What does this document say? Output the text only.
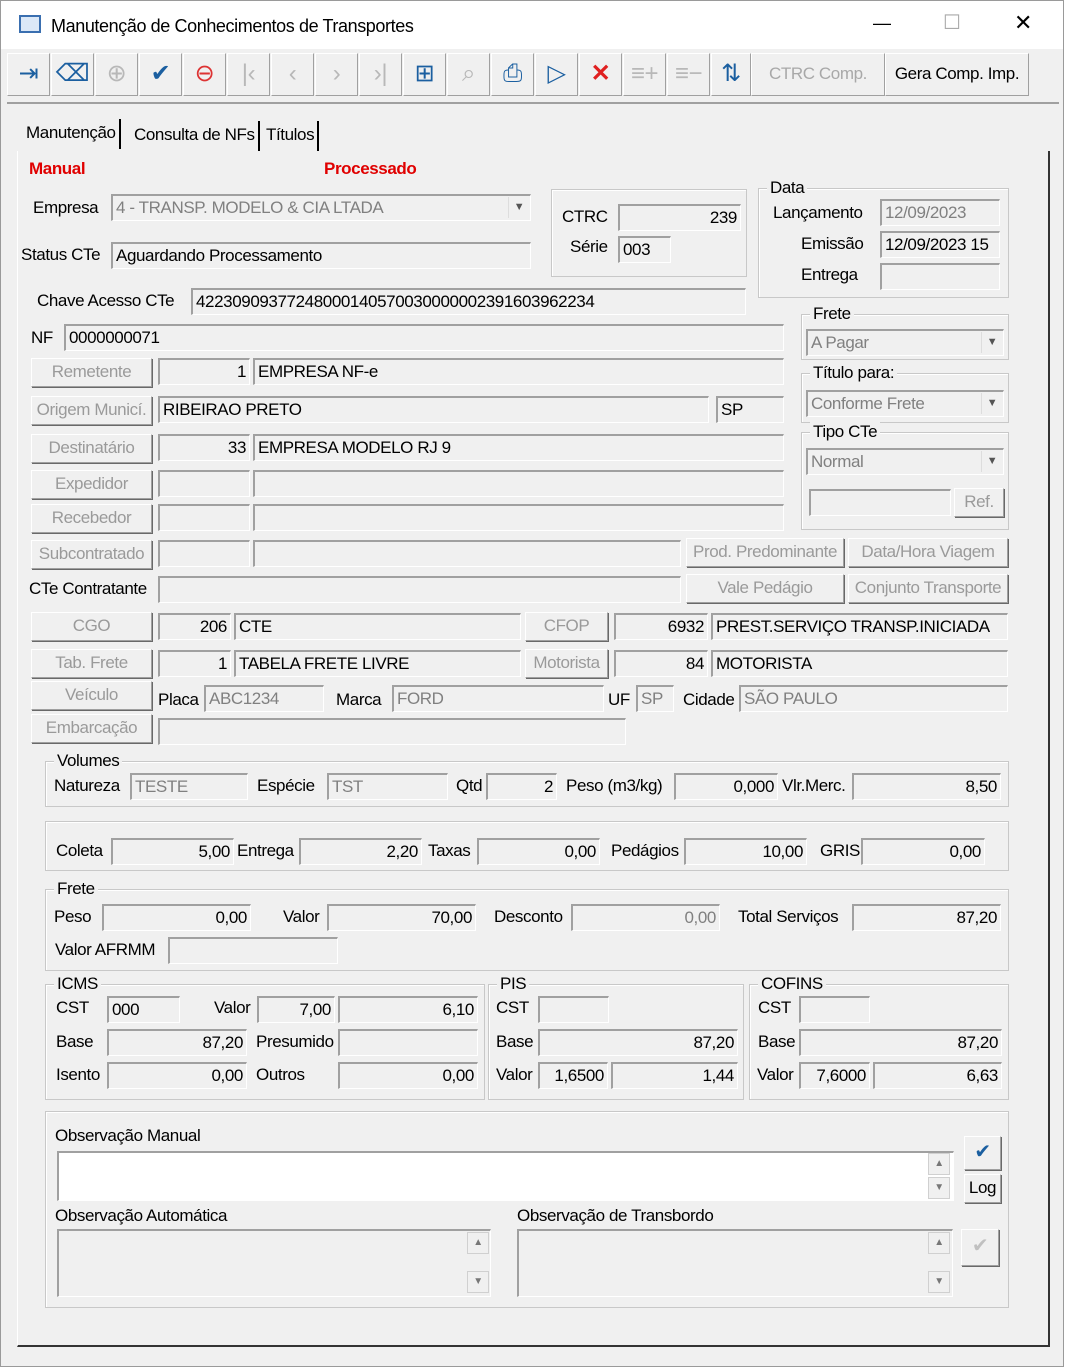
Manutenção de Conhecimentos de Transportes	—	☐ ✕
⇥ ⌫ ⊕	✔	⊖	|‹	‹	›	›|	⊞	⌕	⎙	▷	✕ ≡+ ≡− ⇅	CTRC Comp.	Gera Comp. Imp.
Manutenção Consulta de NFs Títulos
Manual	Processado
Empresa 4 - TRANSP. MODELO & CIA LTADA	▼
Status CTe Aguardando Processamento
CTRC	239
Série 003
Data
Lançamento 12/09/2023
Emissão 12/09/2023 15
Entrega
Chave Acesso CTe 42230909377248000140570030000002391603962234
NF 0000000071
Frete
A Pagar	▼
Título para:
Conforme Frete	▼
Tipo CTe
Normal	▼
Ref.
Remetente	1 EMPRESA NF-e
Origem Municí. RIBEIRAO PRETO	SP
Destinatário	33 EMPRESA MODELO RJ 9
Expedidor
Recebedor
Subcontratado	Prod. Predominante	Data/Hora Viagem
CTe Contratante	Vale Pedágio	Conjunto Transporte
CGO	206 CTE	CFOP	6932 PREST.SERVIÇO TRANSP.INICIADA
Tab. Frete	1 TABELA FRETE LIVRE	Motorista	84 MOTORISTA
Veículo	Placa ABC1234	Marca FORD	UF SP	Cidade SÃO PAULO
Embarcação
Volumes
Natureza TESTE	Espécie TST	Qtd	2 Peso (m3/kg)	0,000 Vlr.Merc.	8,50
Coleta	5,00 Entrega	2,20 Taxas	0,00 Pedágios	10,00 GRIS	0,00
Frete
Peso	0,00 Valor	70,00 Desconto	0,00 Total Serviços	87,20
Valor AFRMM
ICMS
CST 000	Valor	7,00	6,10
Base	87,20 Presumido
Isento	0,00 Outros	0,00
PIS
CST
Base	87,20
Valor	1,6500	1,44
COFINS
CST
Base	87,20
Valor	7,6000	6,63
Observação Manual
▲
▼
✔
Log
Observação Automática
▲
▼
Observação de Transbordo
▲
▼
✔
